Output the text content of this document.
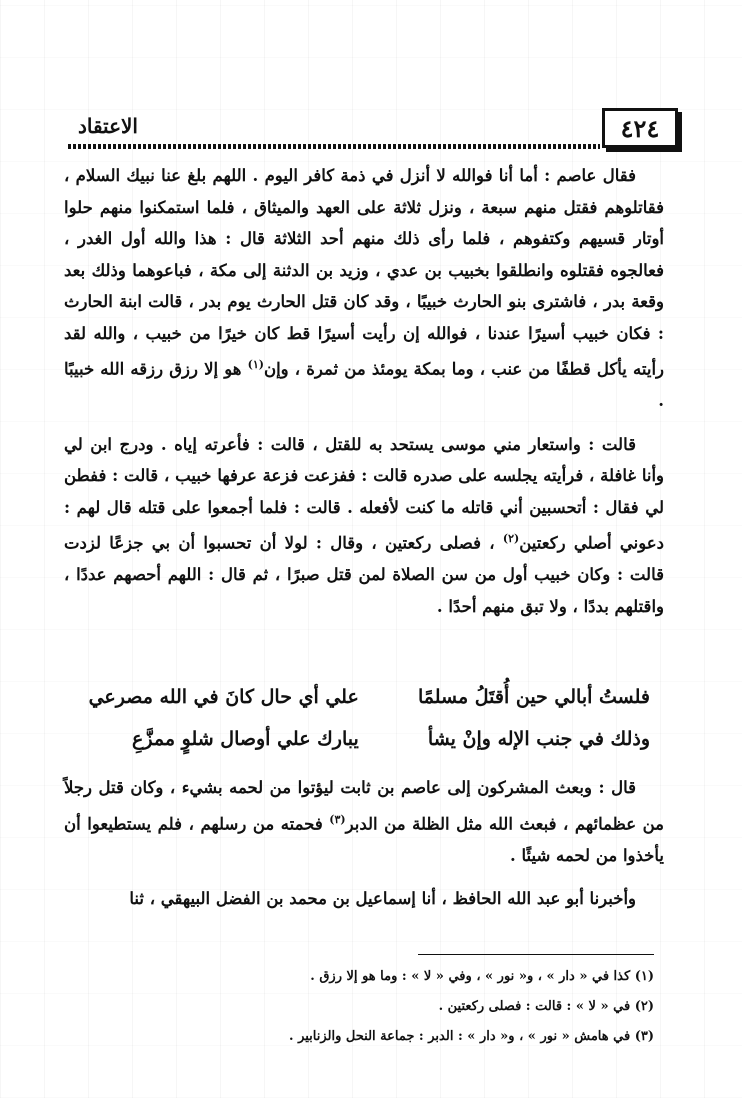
الاعتقاد	٤٢٤

فقال عاصم : أما أنا فوالله لا أنزل في ذمة كافر اليوم . اللهم بلغ عنا نبيك السلام ، فقاتلوهم فقتل منهم سبعة ، ونزل ثلاثة على العهد والميثاق ، فلما استمكنوا منهم حلوا أوتار قسيهم وكتفوهم ، فلما رأى ذلك منهم أحد الثلاثة قال : هذا والله أول الغدر ، فعالجوه فقتلوه وانطلقوا بخبيب بن عدي ، وزيد بن الدثنة إلى مكة ، فباعوهما وذلك بعد وقعة بدر ، فاشترى بنو الحارث خبيبًا ، وقد كان قتل الحارث يوم بدر ، قالت ابنة الحارث : فكان خبيب أسيرًا عندنا ، فوالله إن رأيت أسيرًا قط كان خيرًا من خبيب ، والله لقد رأيته يأكل قطفًا من عنب ، وما بمكة يومئذ من ثمرة ، وإن$^{(١)}$ هو إلا رزق رزقه الله خبيبًا .

قالت : واستعار مني موسى يستحد به للقتل ، قالت : فأعرته إياه . ودرج ابن لي وأنا غافلة ، فرأيته يجلسه على صدره قالت : ففزعت فزعة عرفها خبيب ، قالت : ففطن لي فقال : أتحسبين أني قاتله ما كنت لأفعله . قالت : فلما أجمعوا على قتله قال لهم : دعوني أصلي ركعتين$^{(٢)}$ ، فصلى ركعتين ، وقال : لولا أن تحسبوا أن بي جزعًا لزدت قالت : وكان خبيب أول من سن الصلاة لمن قتل صبرًا ، ثم قال : اللهم أحصهم عددًا ، واقتلهم بددًا ، ولا تبق منهم أحدًا .

فلستُ أبالي حين أُقتَلُ مسلمًا
علي أي حال كانَ في الله مصرعي
وذلك في جنب الإله وإنْ يشأ
يبارك علي أوصال شلوٍ ممزَّعِ

قال : وبعث المشركون إلى عاصم بن ثابت ليؤتوا من لحمه بشيء ، وكان قتل رجلاً من عظمائهم ، فبعث الله مثل الظلة من الدبر$^{(٣)}$ فحمته من رسلهم ، فلم يستطيعوا أن يأخذوا من لحمه شيئًا .

وأخبرنا أبو عبد الله الحافظ ، أنا إسماعيل بن محمد بن الفضل البيهقي ، ثنا

(١) كذا في « دار » ، و« نور » ، وفي « لا » : وما هو إلا رزق .

(٢) في « لا » : قالت : فصلى ركعتين .

(٣) في هامش « نور » ، و« دار » : الدبر : جماعة النحل والزنابير .
